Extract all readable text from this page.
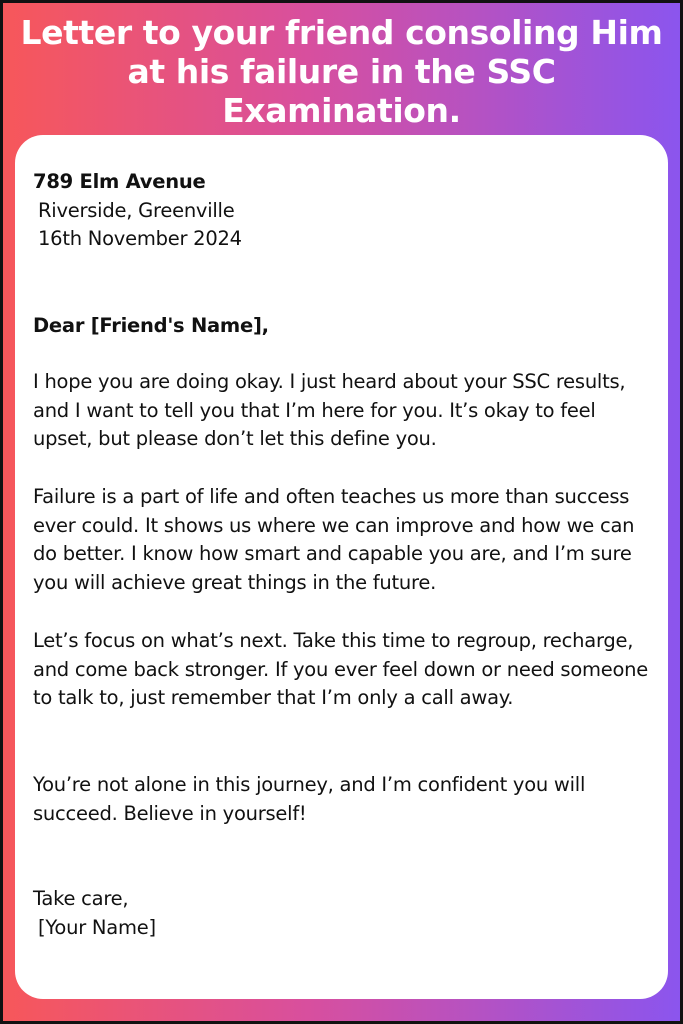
Letter to your friend consoling Him at his failure in the SSC Examination.

789 Elm Avenue

Riverside, Greenville

16th November 2024

Dear [Friend's Name],

I hope you are doing okay. I just heard about your SSC results, and I want to tell you that I’m here for you. It’s okay to feel upset, but please don’t let this define you.

Failure is a part of life and often teaches us more than success ever could. It shows us where we can improve and how we can do better. I know how smart and capable you are, and I’m sure you will achieve great things in the future.

Let’s focus on what’s next. Take this time to regroup, recharge, and come back stronger. If you ever feel down or need someone to talk to, just remember that I’m only a call away.

You’re not alone in this journey, and I’m confident you will succeed. Believe in yourself!

Take care,

[Your Name]
